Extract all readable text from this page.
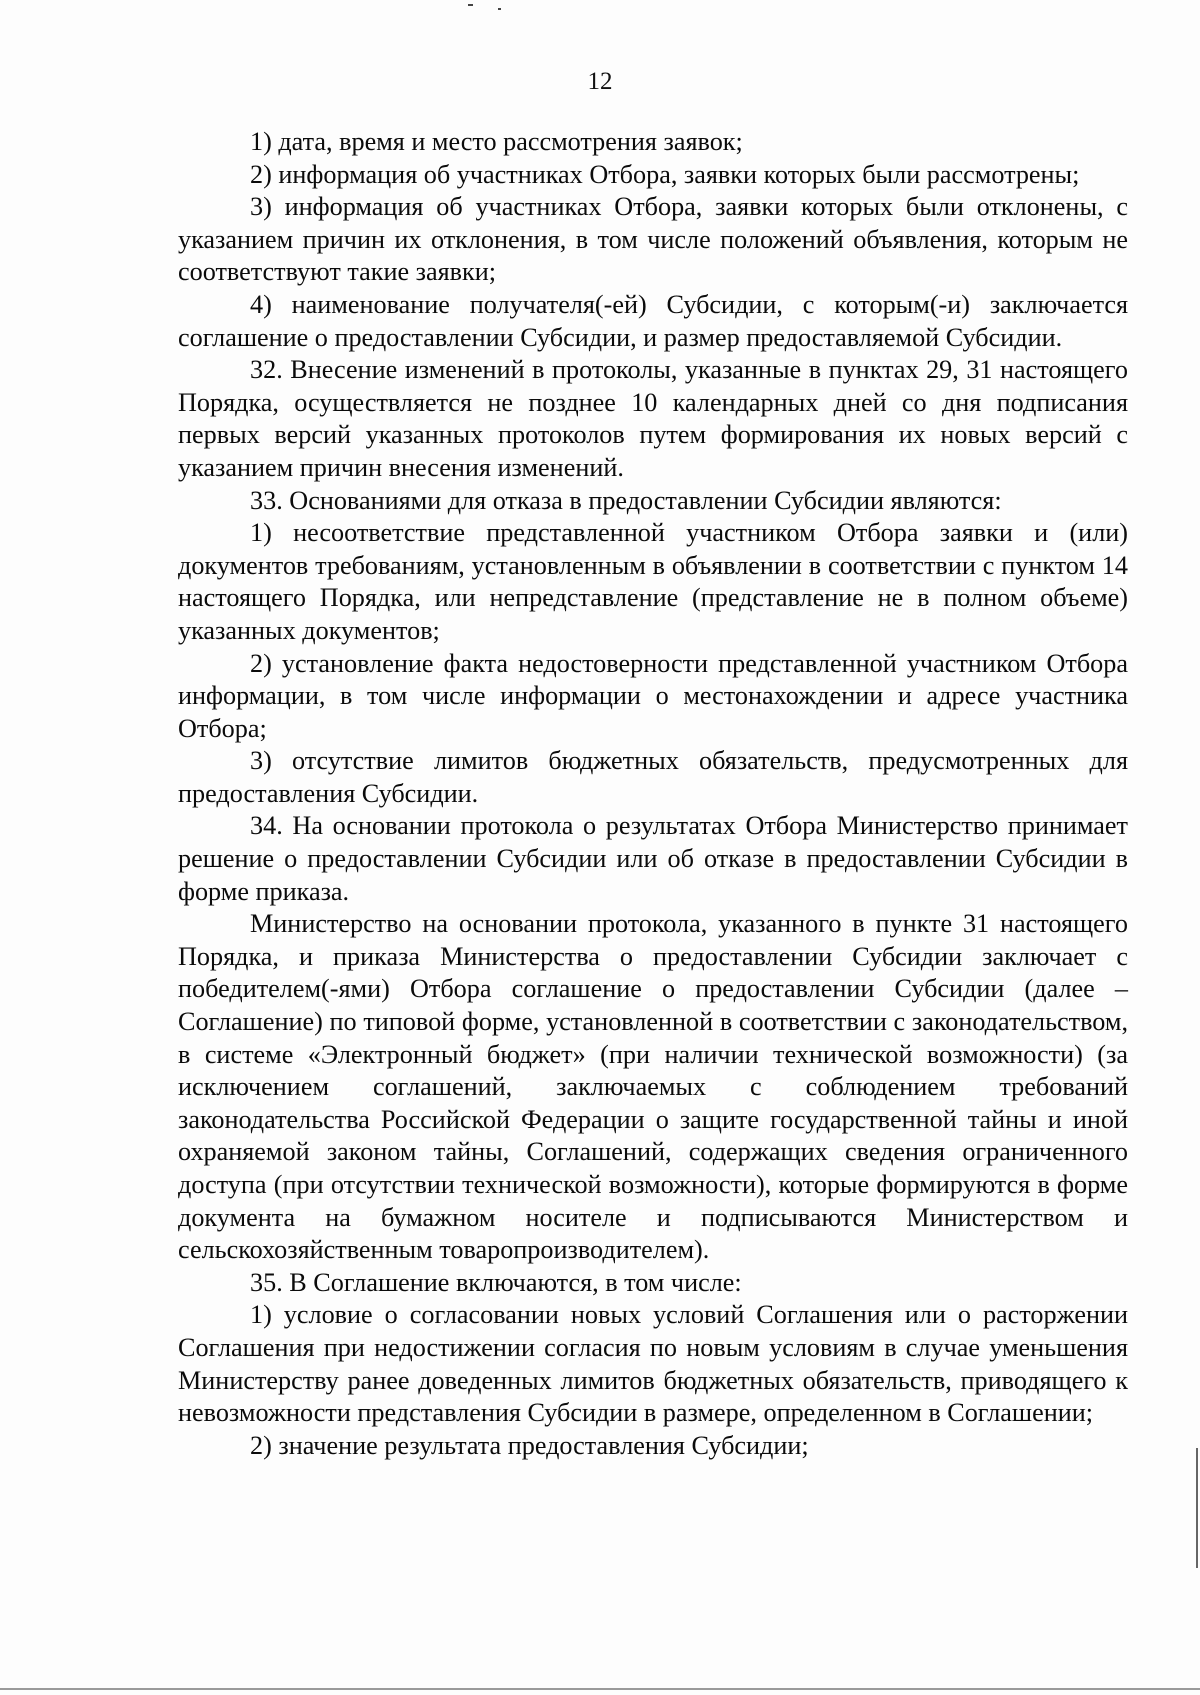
12

1) дата, время и место рассмотрения заявок;

2) информация об участниках Отбора, заявки которых были рассмотрены;

3) информация об участниках Отбора, заявки которых были отклонены, с указанием причин их отклонения, в том числе положений объявления, которым не соответствуют такие заявки;

4) наименование получателя(-ей) Субсидии, с которым(-и) заключается соглашение о предоставлении Субсидии, и размер предоставляемой Субсидии.

32. Внесение изменений в протоколы, указанные в пунктах 29, 31 настоящего Порядка, осуществляется не позднее 10 календарных дней со дня подписания первых версий указанных протоколов путем формирования их новых версий с указанием причин внесения изменений.

33. Основаниями для отказа в предоставлении Субсидии являются:

1) несоответствие представленной участником Отбора заявки и (или) документов требованиям, установленным в объявлении в соответствии с пунктом 14 настоящего Порядка, или непредставление (представление не в полном объеме) указанных документов;

2) установление факта недостоверности представленной участником Отбора информации, в том числе информации о местонахождении и адресе участника Отбора;

3) отсутствие лимитов бюджетных обязательств, предусмотренных для предоставления Субсидии.

34. На основании протокола о результатах Отбора Министерство принимает решение о предоставлении Субсидии или об отказе в предоставлении Субсидии в форме приказа.

Министерство на основании протокола, указанного в пункте 31 настоящего Порядка, и приказа Министерства о предоставлении Субсидии заключает с победителем(-ями) Отбора соглашение о предоставлении Субсидии (далее – Соглашение) по типовой форме, установленной в соответствии с законодательством, в системе «Электронный бюджет» (при наличии технической возможности) (за исключением соглашений, заключаемых с соблюдением требований законодательства Российской Федерации о защите государственной тайны и иной охраняемой законом тайны, Соглашений, содержащих сведения ограниченного доступа (при отсутствии технической возможности), которые формируются в форме документа на бумажном носителе и подписываются Министерством и сельскохозяйственным товаропроизводителем).

35. В Соглашение включаются, в том числе:

1) условие о согласовании новых условий Соглашения или о расторжении Соглашения при недостижении согласия по новым условиям в случае уменьшения Министерству ранее доведенных лимитов бюджетных обязательств, приводящего к невозможности представления Субсидии в размере, определенном в Соглашении;

2) значение результата предоставления Субсидии;
